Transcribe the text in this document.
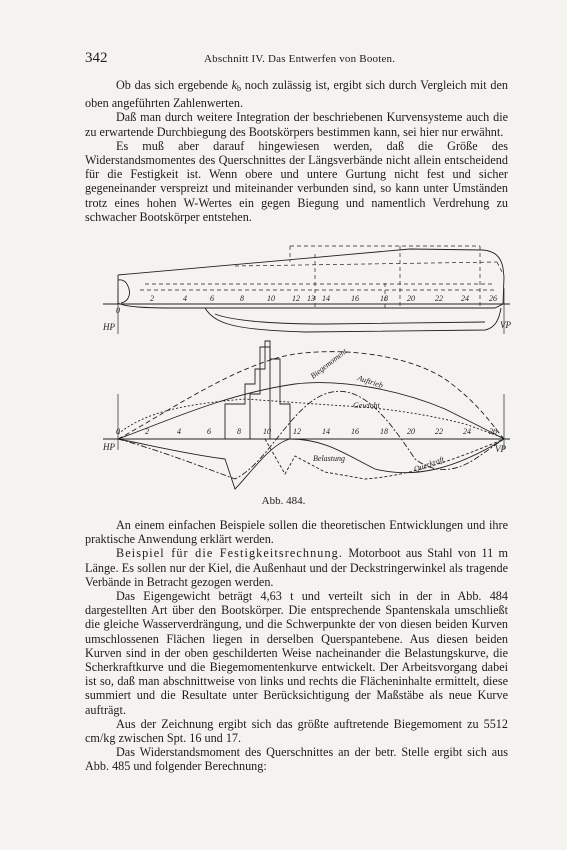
342	Abschnitt IV. Das Entwerfen von Booten.

Ob das sich ergebende $k_b$ noch zulässig ist, ergibt sich durch Vergleich mit den oben angeführten Zahlenwerten.

Daß man durch weitere Integration der beschriebenen Kurvensysteme auch die zu erwartende Durchbiegung des Bootskörpers bestimmen kann, sei hier nur erwähnt.

Es muß aber darauf hingewiesen werden, daß die Größe des Widerstandsmomentes des Querschnittes der Längsverbände nicht allein entscheidend für die Festigkeit ist. Wenn obere und untere Gurtung nicht fest und sicher gegeneinander verspreizt und miteinander verbunden sind, so kann unter Umständen trotz eines hohen W-Wertes ein gegen Biegung und namentlich Verdrehung zu schwacher Bootskörper entstehen.

0
2	4	6	8	10 12 13 14	16	18 20	22 24	26
0	2	4	6	8	10	12	14	16	18 20	22	24 26
HP	VP
HP	VP
Biegemoment
Auftrieb
Gewicht
Belastung	Querkraft
Abb. 484.

An einem einfachen Beispiele sollen die theoretischen Entwicklungen und ihre praktische Anwendung erklärt werden.

Beispiel für die Festigkeitsrechnung. Motorboot aus Stahl von 11 m Länge. Es sollen nur der Kiel, die Außenhaut und der Deckstringerwinkel als tragende Verbände in Betracht gezogen werden.

Das Eigengewicht beträgt 4,63 t und verteilt sich in der in Abb. 484 dargestellten Art über den Bootskörper. Die entsprechende Spantenskala umschließt die gleiche Wasserverdrängung, und die Schwerpunkte der von diesen beiden Kurven umschlossenen Flächen liegen in derselben Querspantebene. Aus diesen beiden Kurven sind in der oben geschilderten Weise nacheinander die Belastungskurve, die Scherkraftkurve und die Biegemomentenkurve entwickelt. Der Arbeitsvorgang dabei ist so, daß man abschnittweise von links und rechts die Flächeninhalte ermittelt, diese summiert und die Resultate unter Berücksichtigung der Maßstäbe als neue Kurve aufträgt.

Aus der Zeichnung ergibt sich das größte auftretende Biegemoment zu 5512 cm/kg zwischen Spt. 16 und 17.

Das Widerstandsmoment des Querschnittes an der betr. Stelle ergibt sich aus Abb. 485 und folgender Berechnung:
